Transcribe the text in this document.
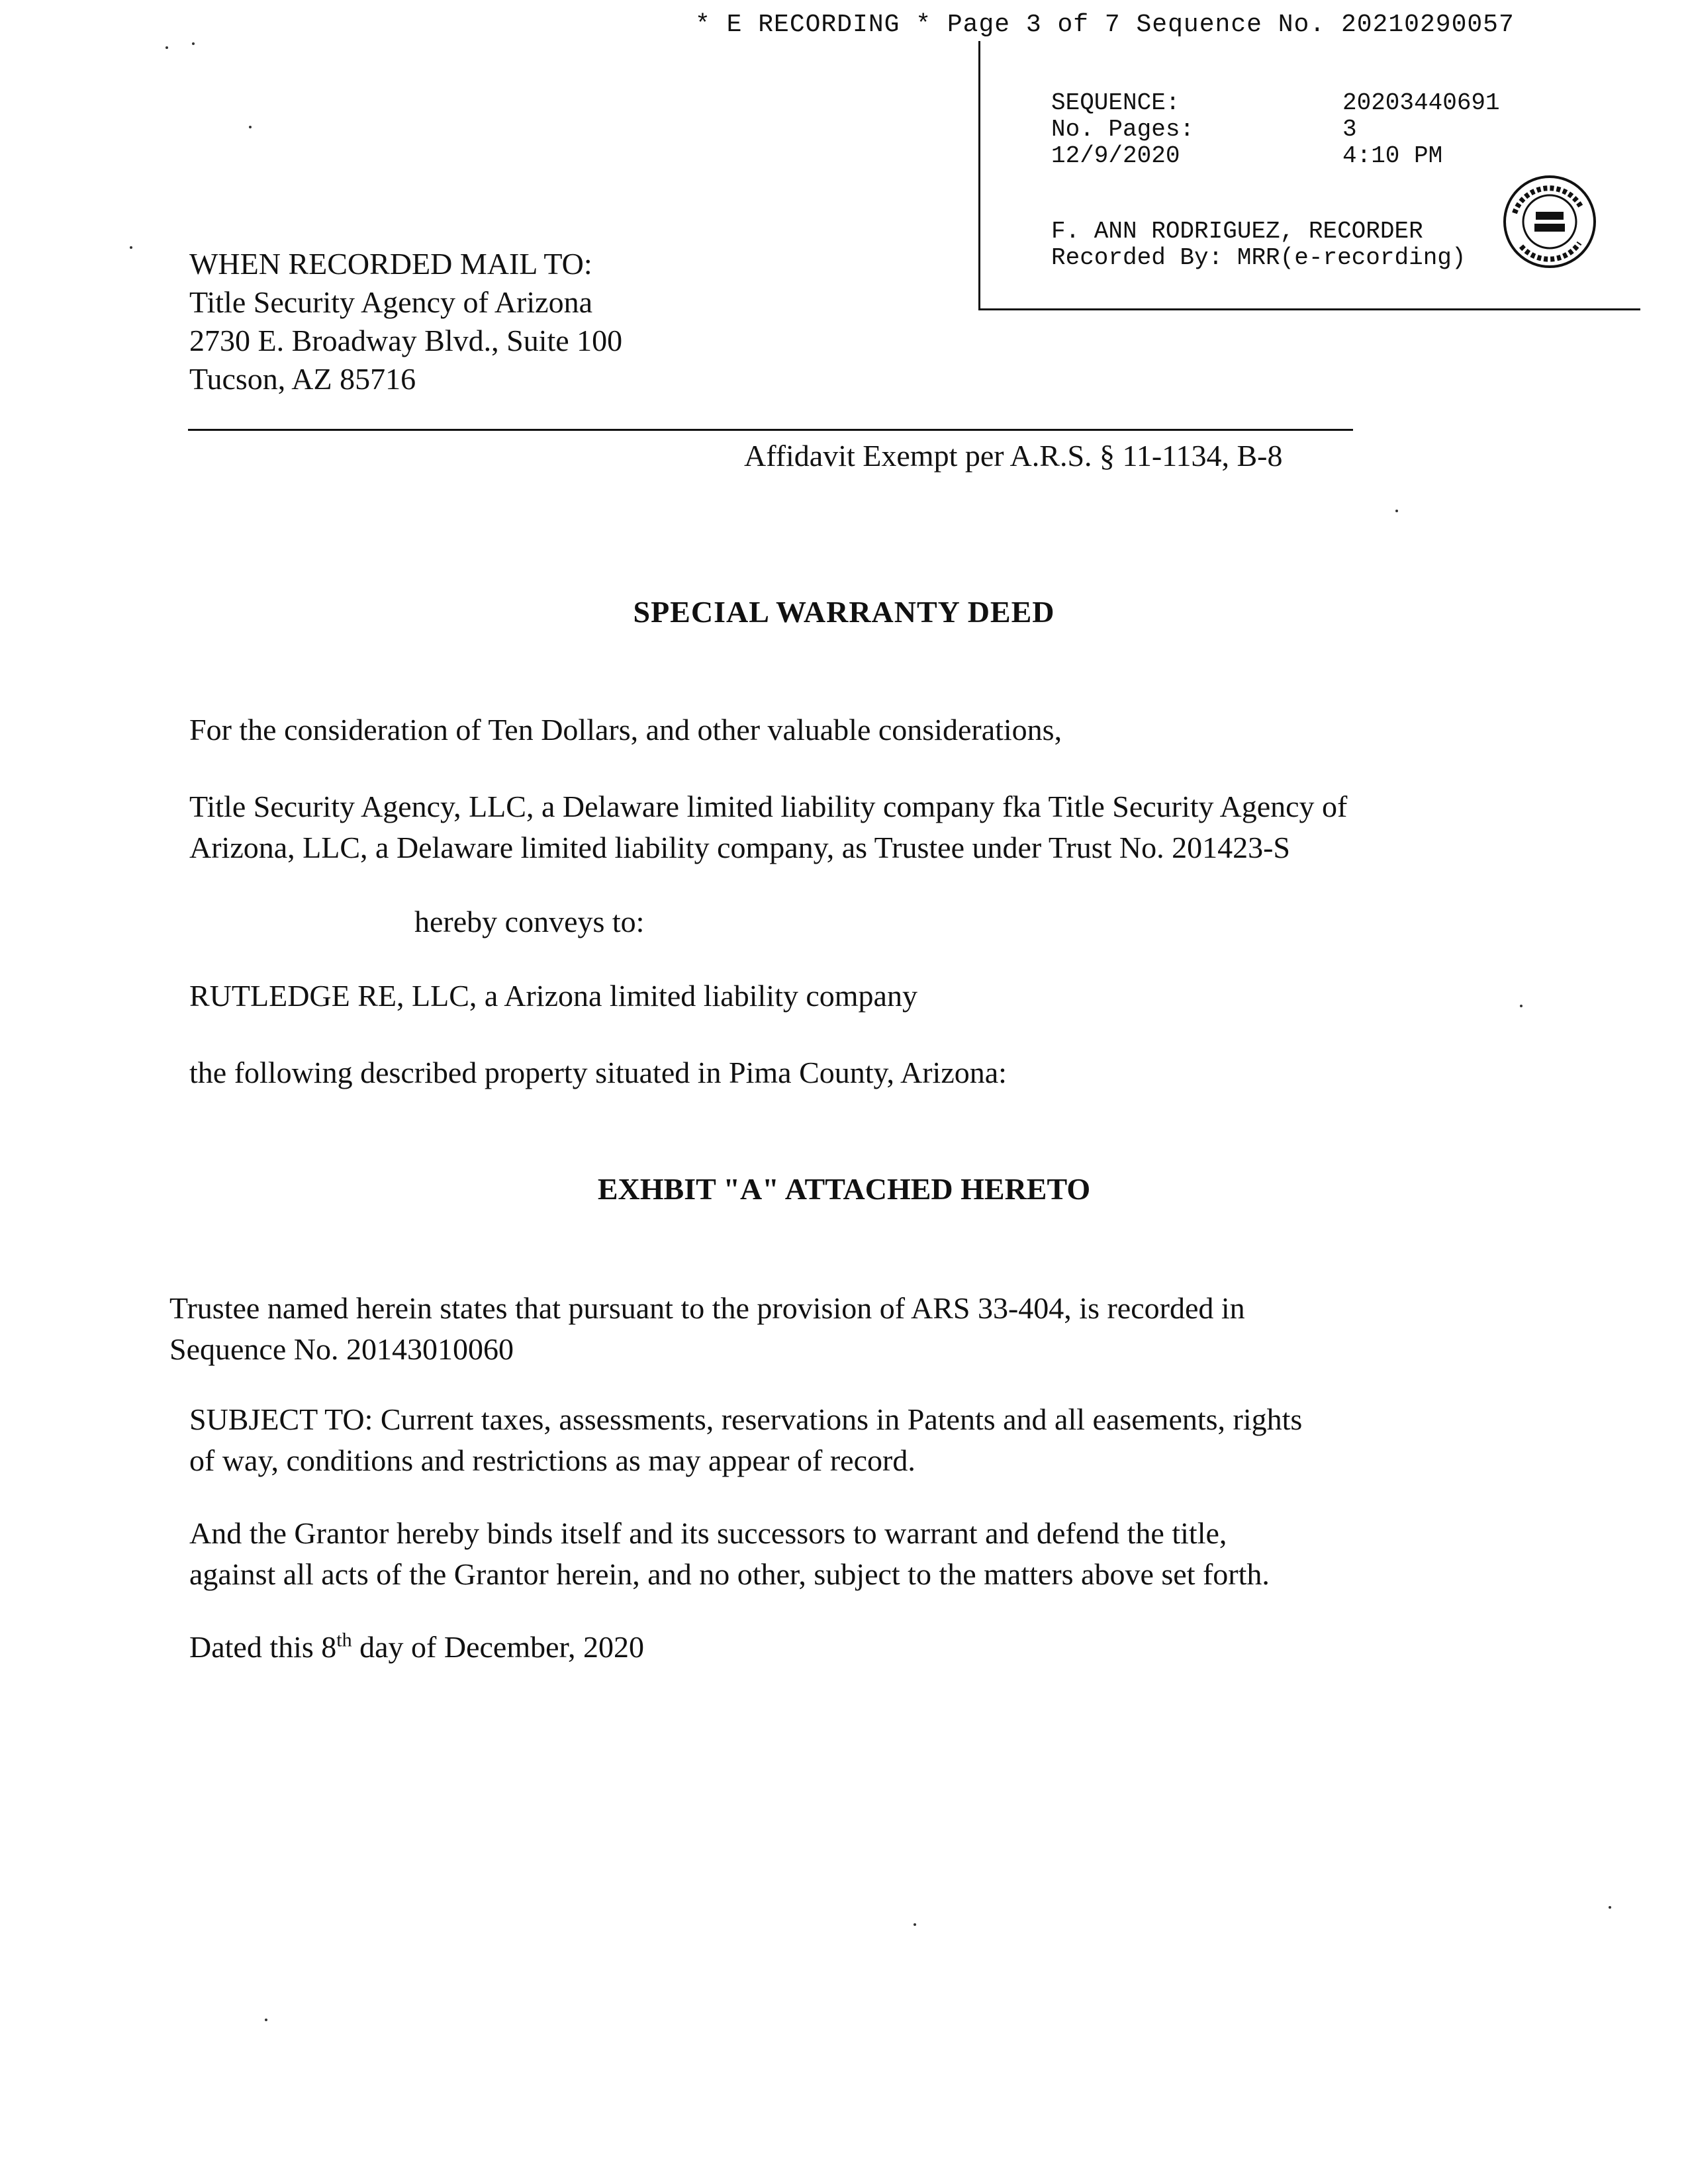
* E RECORDING * Page 3 of 7 Sequence No. 20210290057
SEQUENCE:	20203440691
No. Pages:	3
12/9/2020	4:10 PM
F. ANN RODRIGUEZ, RECORDER
Recorded By: MRR(e-recording)
WHEN RECORDED MAIL TO:
Title Security Agency of Arizona
2730 E. Broadway Blvd., Suite 100
Tucson, AZ 85716
Affidavit Exempt per A.R.S. § 11-1134, B-8
SPECIAL WARRANTY DEED
For the consideration of Ten Dollars, and other valuable considerations,
Title Security Agency, LLC, a Delaware limited liability company fka Title Security Agency of
Arizona, LLC, a Delaware limited liability company, as Trustee under Trust No. 201423-S
hereby conveys to:
RUTLEDGE RE, LLC, a Arizona limited liability company
the following described property situated in Pima County, Arizona:
EXHBIT "A" ATTACHED HERETO
Trustee named herein states that pursuant to the provision of ARS 33-404, is recorded in
Sequence No. 20143010060
SUBJECT TO: Current taxes, assessments, reservations in Patents and all easements, rights
of way, conditions and restrictions as may appear of record.
And the Grantor hereby binds itself and its successors to warrant and defend the title,
against all acts of the Grantor herein, and no other, subject to the matters above set forth.
Dated this 8th day of December, 2020
